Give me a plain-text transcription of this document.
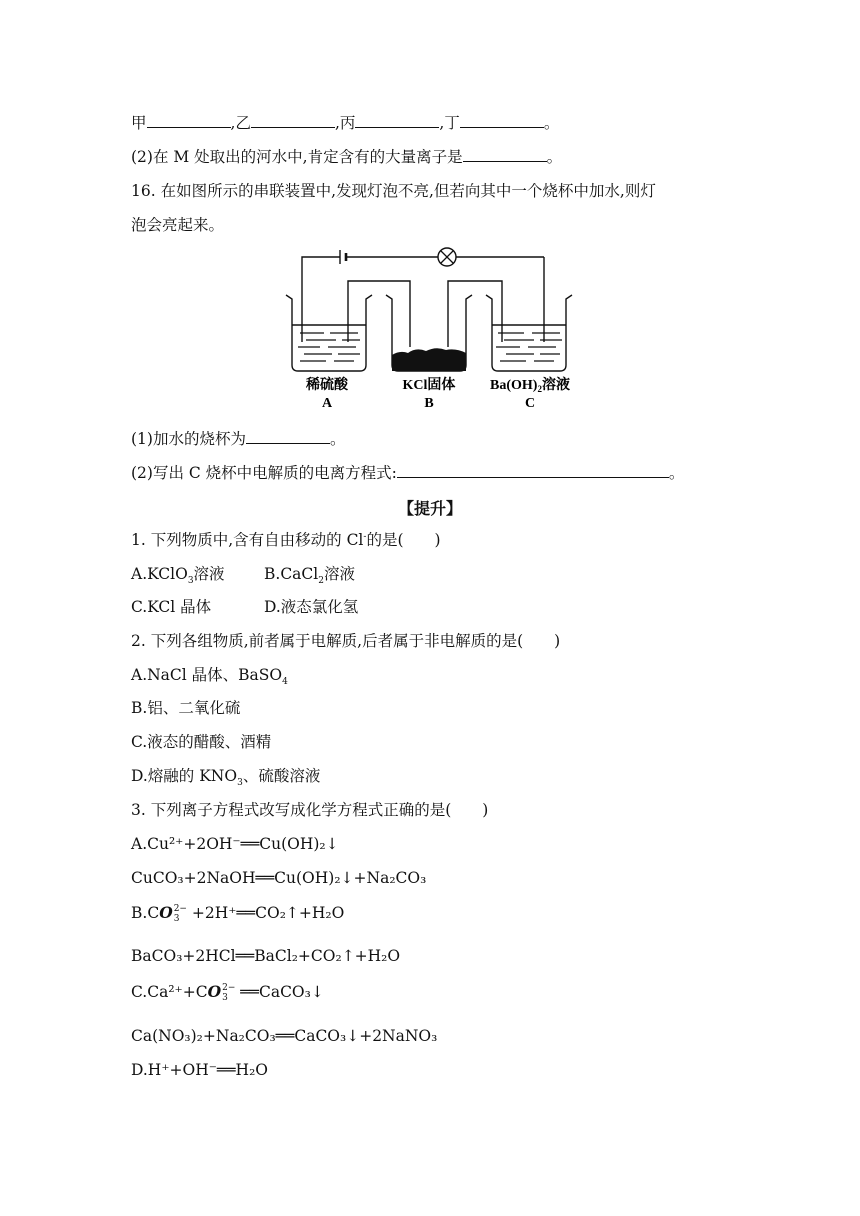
甲	,乙	,丙	,丁	。
(2)在 M 处取出的河水中,肯定含有的大量离子是	。
16. 在如图所示的串联装置中,发现灯泡不亮,但若向其中一个烧杯中加水,则灯
泡会亮起来。
稀硫酸
A
KCl固体
B
$Ba(OH)_2$溶液
C
(1)加水的烧杯为	。
(2)写出 C 烧杯中电解质的电离方程式:	。
【提升】
1. 下列物质中,含有自由移动的 Cl-的是(　　)
A.KClO$_3$溶液	B.CaCl$_2$溶液
C.KCl 晶体	D.液态氯化氢
2. 下列各组物质,前者属于电解质,后者属于非电解质的是(　　)
A.NaCl 晶体、BaSO$_4$
B.铝、二氧化硫
C.液态的醋酸、酒精
D.熔融的 $KNO_3$、硫酸溶液
3. 下列离子方程式改写成化学方程式正确的是(　　)
A.Cu²⁺+2OH⁻══Cu(OH)₂↓
CuCO₃+2NaOH══Cu(OH)₂↓+Na₂CO₃
B.CO 2−
3 +2H⁺══CO₂↑+H₂O
BaCO₃+2HCl══BaCl₂+CO₂↑+H₂O
C.Ca²⁺+CO 2−
3 ══CaCO₃↓
Ca(NO₃)₂+Na₂CO₃══CaCO₃↓+2NaNO₃
D.H⁺+OH⁻══H₂O
